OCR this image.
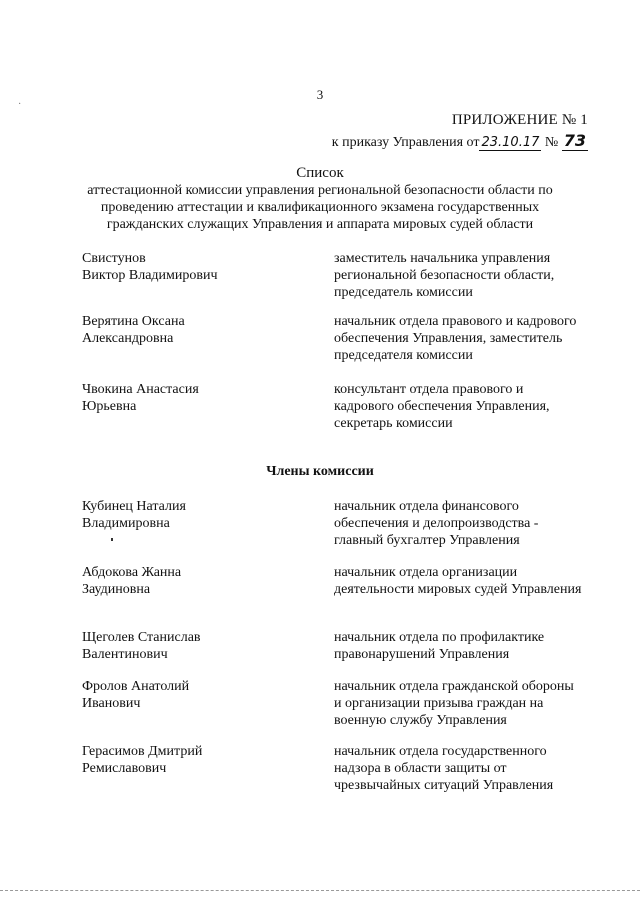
·
3
ПРИЛОЖЕНИЕ № 1
к приказу Управления от 23.10.17 № 73
Список
аттестационной комиссии управления региональной безопасности области по проведению аттестации и квалификационного экзамена государственных гражданских служащих Управления и аппарата мировых судей области
Свистунов
Виктор Владимирович
заместитель начальника управления региональной безопасности области, председатель комиссии
Верятина Оксана
Александровна
начальник отдела правового и кадрового обеспечения Управления, заместитель председателя комиссии
Чвокина Анастасия
Юрьевна
консультант отдела правового и кадрового обеспечения Управления, секретарь комиссии
Члены комиссии
Кубинец Наталия
Владимировна
начальник отдела финансового обеспечения и делопроизводства - главный бухгалтер Управления
Абдокова Жанна
Заудиновна
начальник отдела организации деятельности мировых судей Управления
Щеголев Станислав
Валентинович
начальник отдела по профилактике правонарушений Управления
Фролов Анатолий
Иванович
начальник отдела гражданской обороны и организации призыва граждан на военную службу Управления
Герасимов Дмитрий
Ремиславович
начальник отдела государственного надзора в области защиты от чрезвычайных ситуаций Управления
